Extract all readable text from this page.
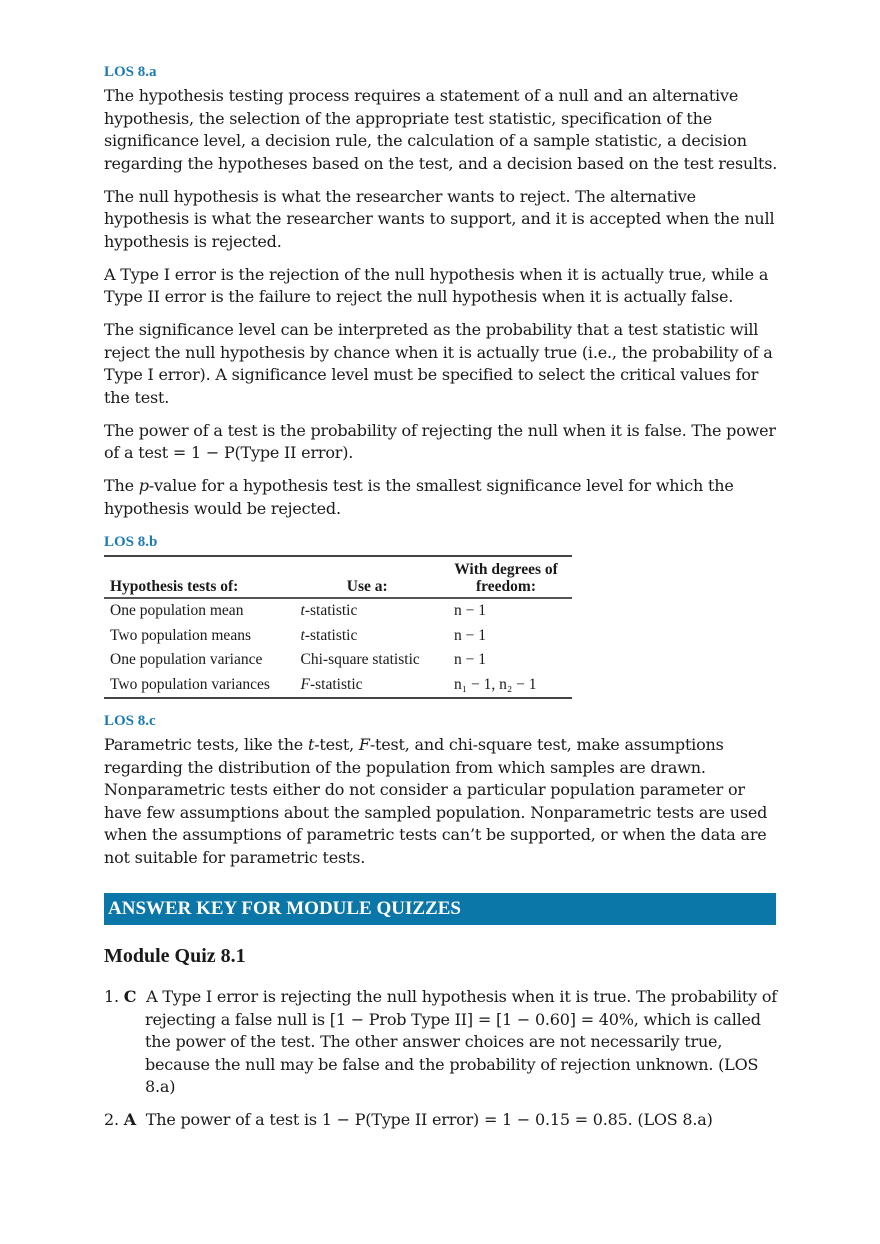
LOS 8.a

The hypothesis testing process requires a statement of a null and an alternative hypothesis, the selection of the appropriate test statistic, specification of the significance level, a decision rule, the calculation of a sample statistic, a decision regarding the hypotheses based on the test, and a decision based on the test results.

The null hypothesis is what the researcher wants to reject. The alternative hypothesis is what the researcher wants to support, and it is accepted when the null hypothesis is rejected.

A Type I error is the rejection of the null hypothesis when it is actually true, while a Type II error is the failure to reject the null hypothesis when it is actually false.

The significance level can be interpreted as the probability that a test statistic will reject the null hypothesis by chance when it is actually true (i.e., the probability of a Type I error). A significance level must be specified to select the critical values for the test.

The power of a test is the probability of rejecting the null when it is false. The power of a test = 1 − P(Type II error).

The p-value for a hypothesis test is the smallest significance level for which the hypothesis would be rejected.

LOS 8.b
Hypothesis tests of:	Use a:	With degrees of freedom:
One population mean	t-statistic	n − 1
Two population means	t-statistic	n − 1
One population variance	Chi-square statistic	n − 1
Two population variances	F-statistic	n₁ − 1, n₂ − 1
LOS 8.c

Parametric tests, like the t-test, F-test, and chi-square test, make assumptions regarding the distribution of the population from which samples are drawn. Nonparametric tests either do not consider a particular population parameter or have few assumptions about the sampled population. Nonparametric tests are used when the assumptions of parametric tests can’t be supported, or when the data are not suitable for parametric tests.

ANSWER KEY FOR MODULE QUIZZES
Module Quiz 8.1

1. C A Type I error is rejecting the null hypothesis when it is true. The probability of rejecting a false null is [1 − Prob Type II] = [1 − 0.60] = 40%, which is called the power of the test. The other answer choices are not necessarily true, because the null may be false and the probability of rejection unknown. (LOS 8.a)

2. A The power of a test is 1 − P(Type II error) = 1 − 0.15 = 0.85. (LOS 8.a)
